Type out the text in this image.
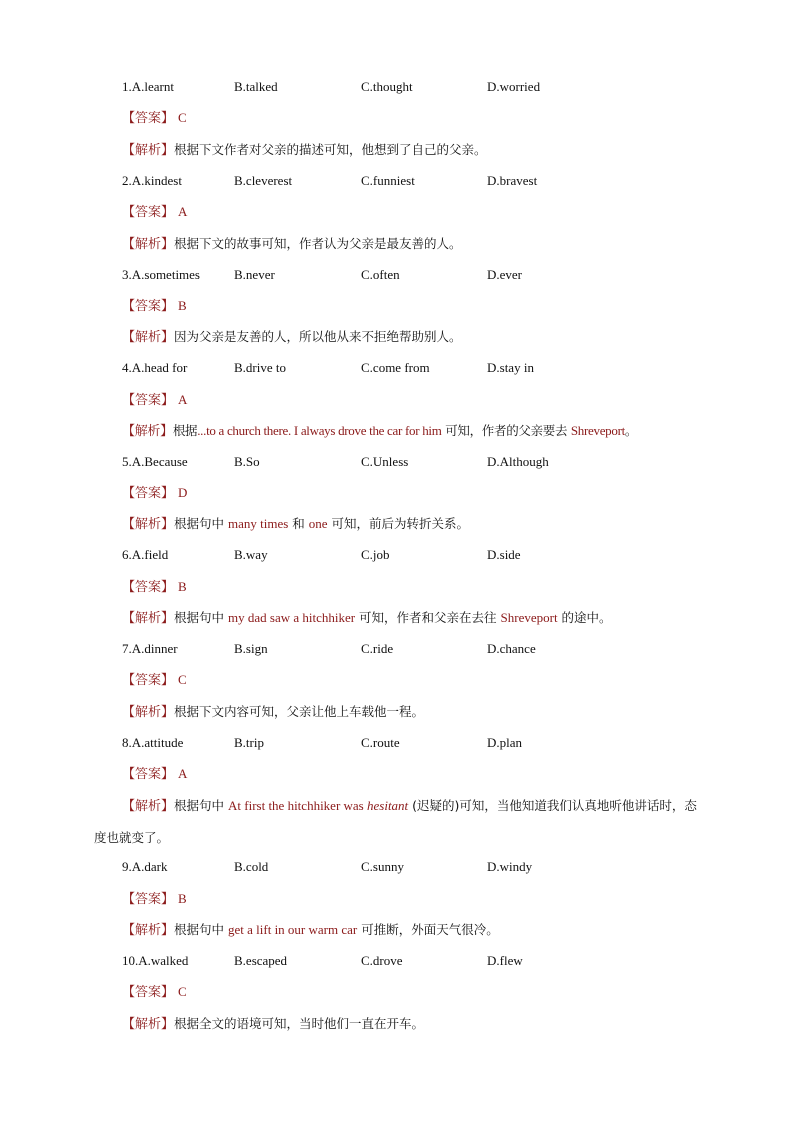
1.A.learnt	B.talked	C.thought	D.worried
【答案】 C
【解析】根据下文作者对父亲的描述可知，他想到了自己的父亲。
2.A.kindest	B.cleverest	C.funniest	D.bravest
【答案】 A
【解析】根据下文的故事可知，作者认为父亲是最友善的人。
3.A.sometimes	B.never	C.often	D.ever
【答案】 B
【解析】因为父亲是友善的人，所以他从来不拒绝帮助别人。
4.A.head for	B.drive to	C.come from	D.stay in
【答案】 A
【解析】根据...to a church there. I always drove the car for him 可知，作者的父亲要去 Shreveport。
5.A.Because	B.So	C.Unless	D.Although
【答案】 D
【解析】根据句中 many times 和 one 可知，前后为转折关系。
6.A.field	B.way	C.job	D.side
【答案】 B
【解析】根据句中 my dad saw a hitchhiker 可知，作者和父亲在去往 Shreveport 的途中。
7.A.dinner	B.sign	C.ride	D.chance
【答案】 C
【解析】根据下文内容可知，父亲让他上车载他一程。
8.A.attitude	B.trip	C.route	D.plan
【答案】 A
【解析】根据句中 At first the hitchhiker was hesitant (迟疑的)可知，当他知道我们认真地听他讲话时，态度也就变了。
9.A.dark	B.cold	C.sunny	D.windy
【答案】 B
【解析】根据句中 get a lift in our warm car 可推断，外面天气很冷。
10.A.walked	B.escaped	C.drove	D.flew
【答案】 C
【解析】根据全文的语境可知，当时他们一直在开车。
